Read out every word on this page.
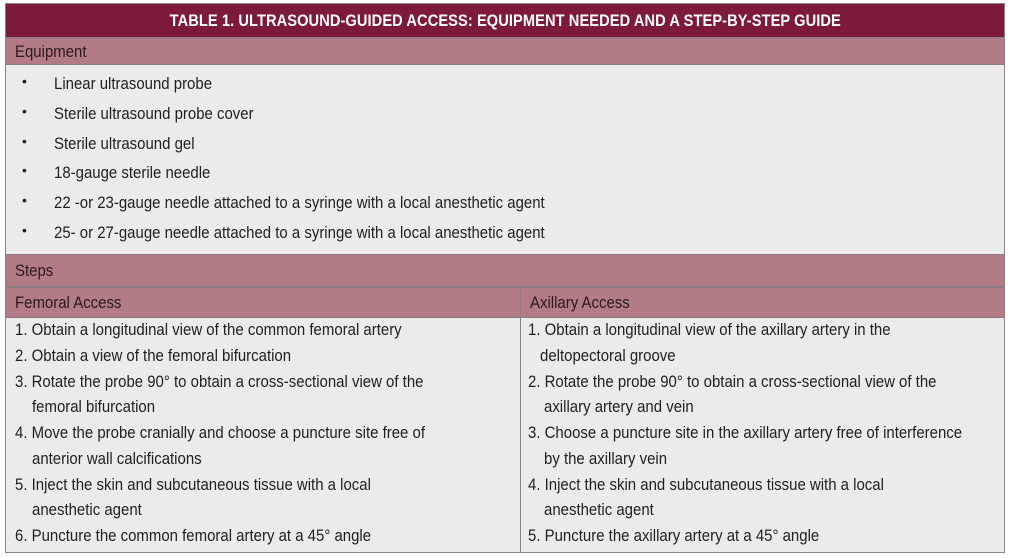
TABLE 1. ULTRASOUND-GUIDED ACCESS: EQUIPMENT NEEDED AND A STEP-BY-STEP GUIDE
Equipment
• Linear ultrasound probe
• Sterile ultrasound probe cover
• Sterile ultrasound gel
• 18-gauge sterile needle
• 22 -or 23-gauge needle attached to a syringe with a local anesthetic agent
• 25- or 27-gauge needle attached to a syringe with a local anesthetic agent
Steps
Femoral Access	Axillary Access
1. Obtain a longitudinal view of the common femoral artery
2. Obtain a view of the femoral bifurcation
3. Rotate the probe 90° to obtain a cross-sectional view of the
femoral bifurcation
4. Move the probe cranially and choose a puncture site free of
anterior wall calcifications
5. Inject the skin and subcutaneous tissue with a local
anesthetic agent
6. Puncture the common femoral artery at a 45° angle
1. Obtain a longitudinal view of the axillary artery in the
deltopectoral groove
2. Rotate the probe 90° to obtain a cross-sectional view of the
axillary artery and vein
3. Choose a puncture site in the axillary artery free of interference
by the axillary vein
4. Inject the skin and subcutaneous tissue with a local
anesthetic agent
5. Puncture the axillary artery at a 45° angle
